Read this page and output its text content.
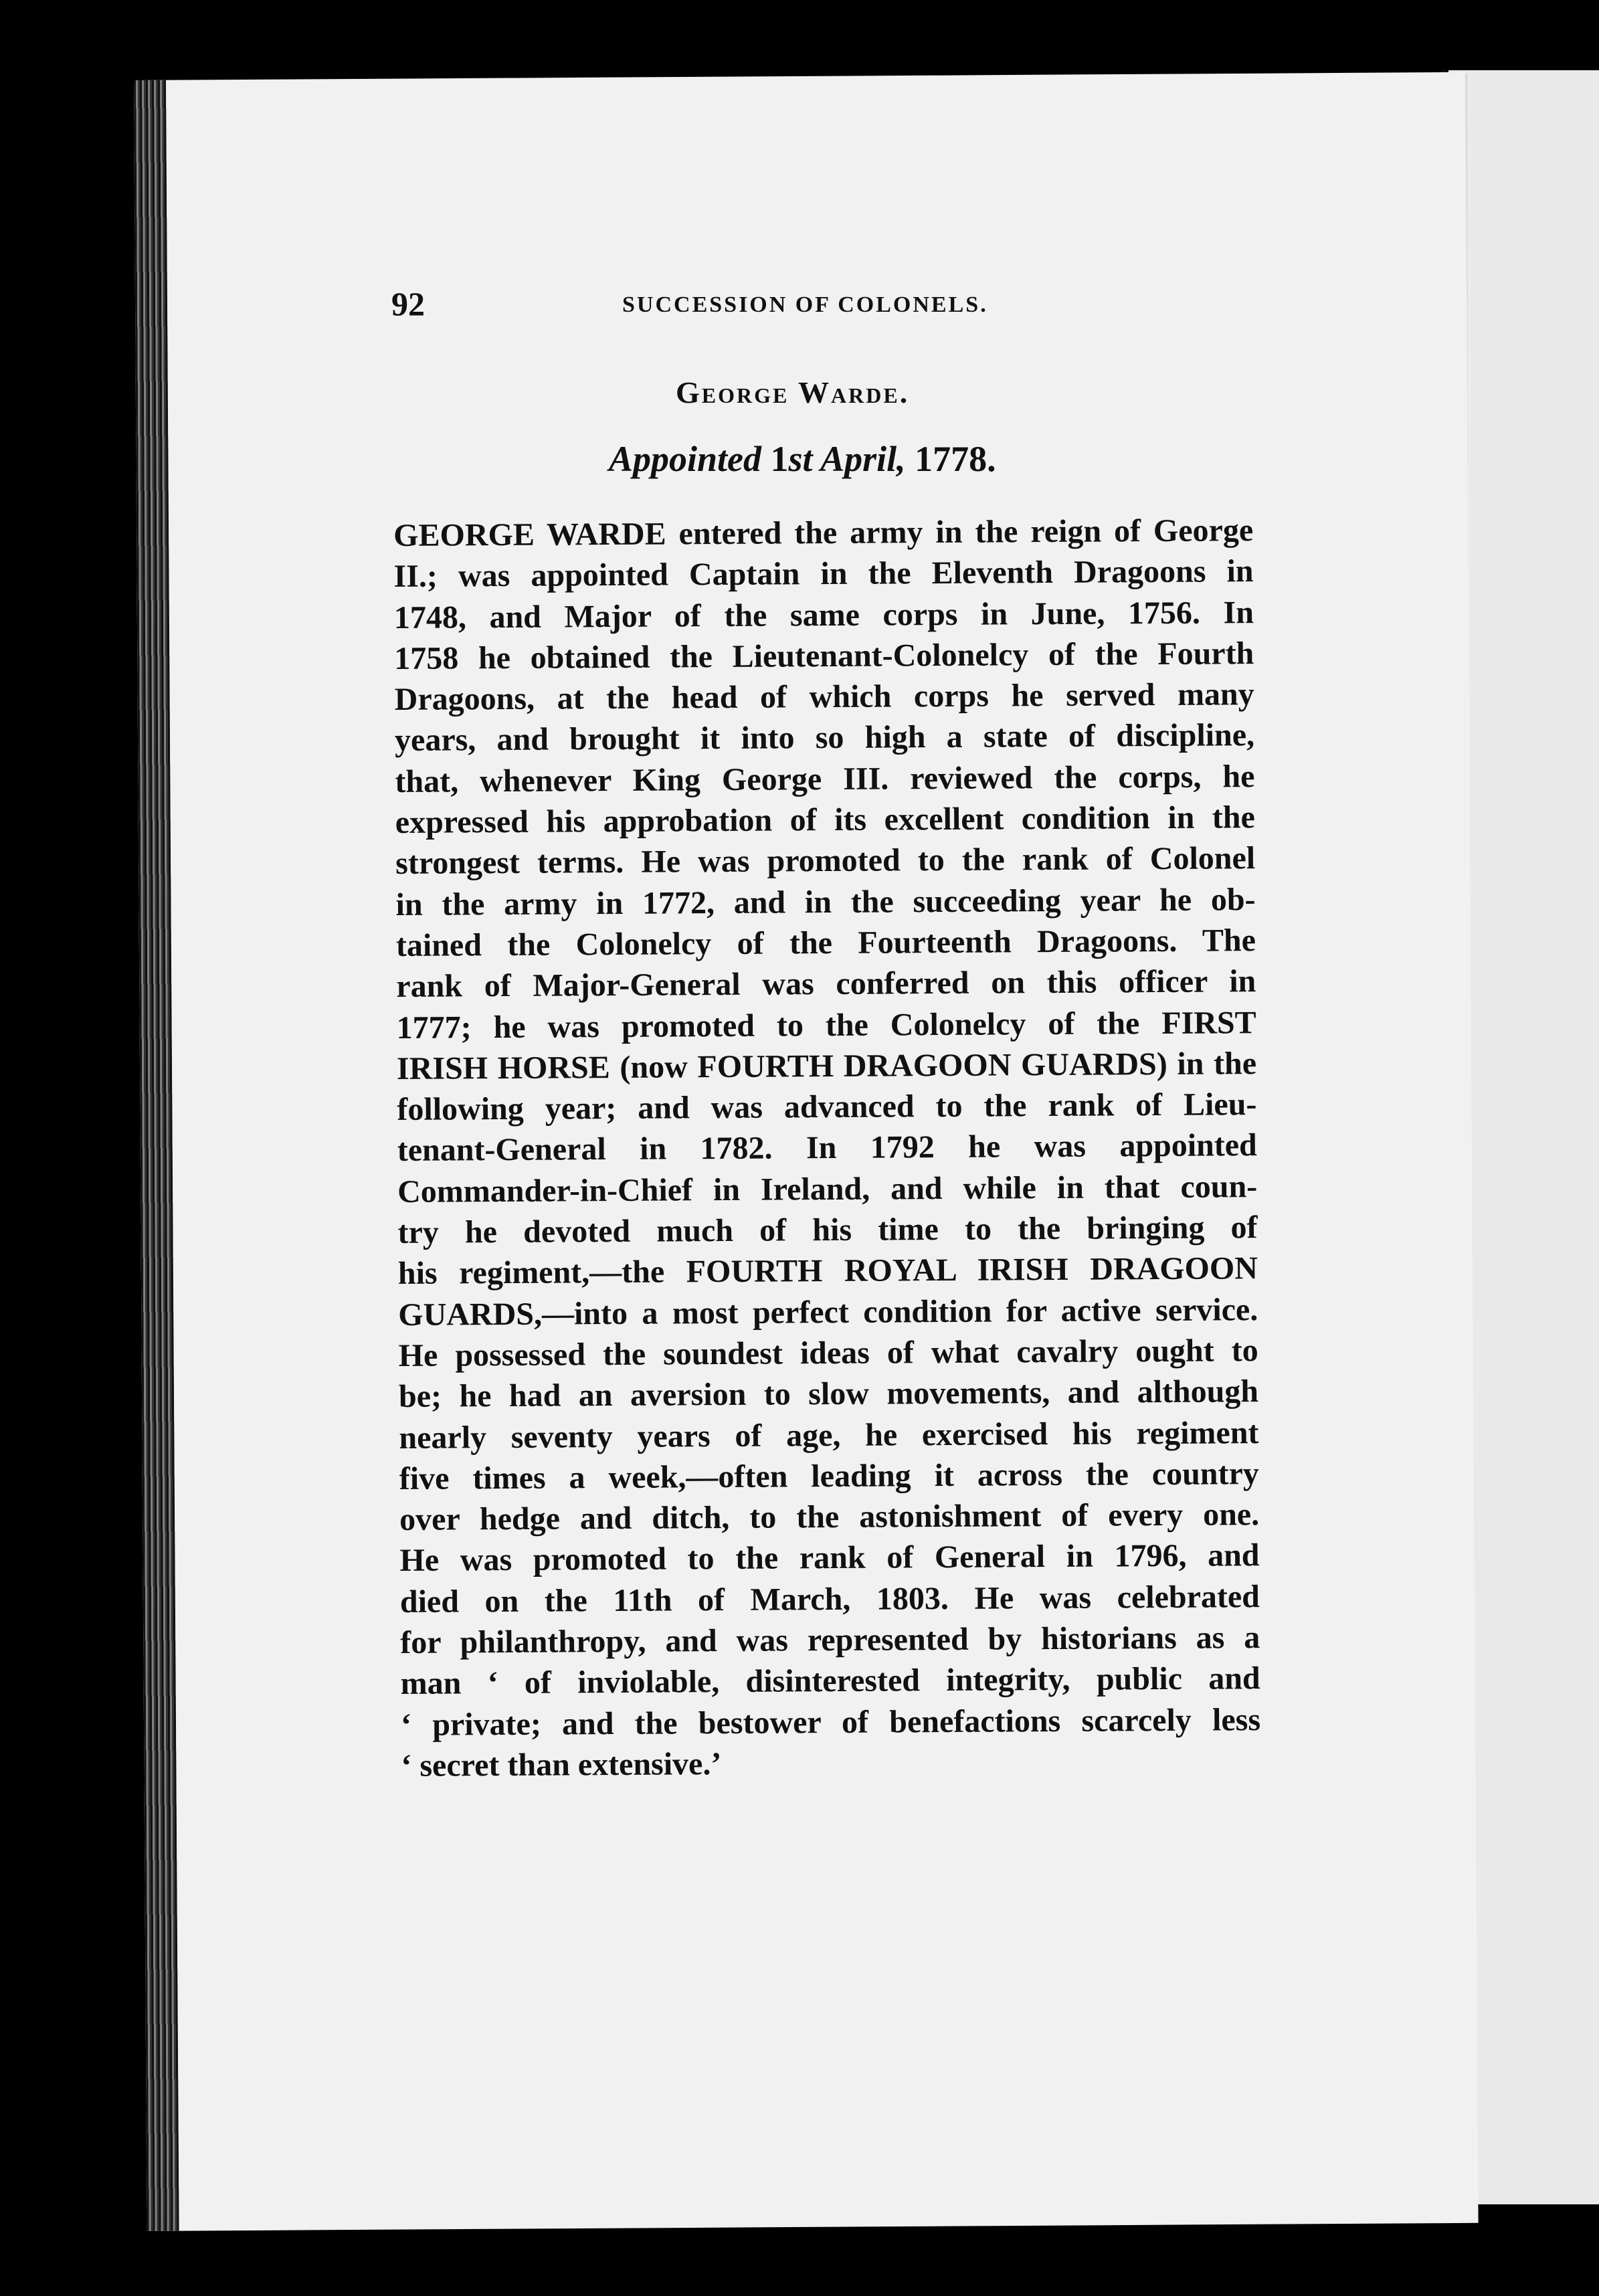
92	SUCCESSION OF COLONELS.
George Warde.
Appointed 1st April, 1778.
GEORGE WARDE entered the army in the reign of George
II.; was appointed Captain in the Eleventh Dragoons in
1748, and Major of the same corps in June, 1756. In
1758 he obtained the Lieutenant-Colonelcy of the Fourth
Dragoons, at the head of which corps he served many
years, and brought it into so high a state of discipline,
that, whenever King George III. reviewed the corps, he
expressed his approbation of its excellent condition in the
strongest terms. He was promoted to the rank of Colonel
in the army in 1772, and in the succeeding year he ob-
tained the Colonelcy of the Fourteenth Dragoons. The
rank of Major-General was conferred on this officer in
1777; he was promoted to the Colonelcy of the FIRST
IRISH HORSE (now FOURTH DRAGOON GUARDS) in the
following year; and was advanced to the rank of Lieu-
tenant-General in 1782. In 1792 he was appointed
Commander-in-Chief in Ireland, and while in that coun-
try he devoted much of his time to the bringing of
his regiment,—the FOURTH ROYAL IRISH DRAGOON
GUARDS,—into a most perfect condition for active service.
He possessed the soundest ideas of what cavalry ought to
be; he had an aversion to slow movements, and although
nearly seventy years of age, he exercised his regiment
five times a week,—often leading it across the country
over hedge and ditch, to the astonishment of every one.
He was promoted to the rank of General in 1796, and
died on the 11th of March, 1803. He was celebrated
for philanthropy, and was represented by historians as a
man ‘ of inviolable, disinterested integrity, public and
‘ private; and the bestower of benefactions scarcely less
‘ secret than extensive.’
